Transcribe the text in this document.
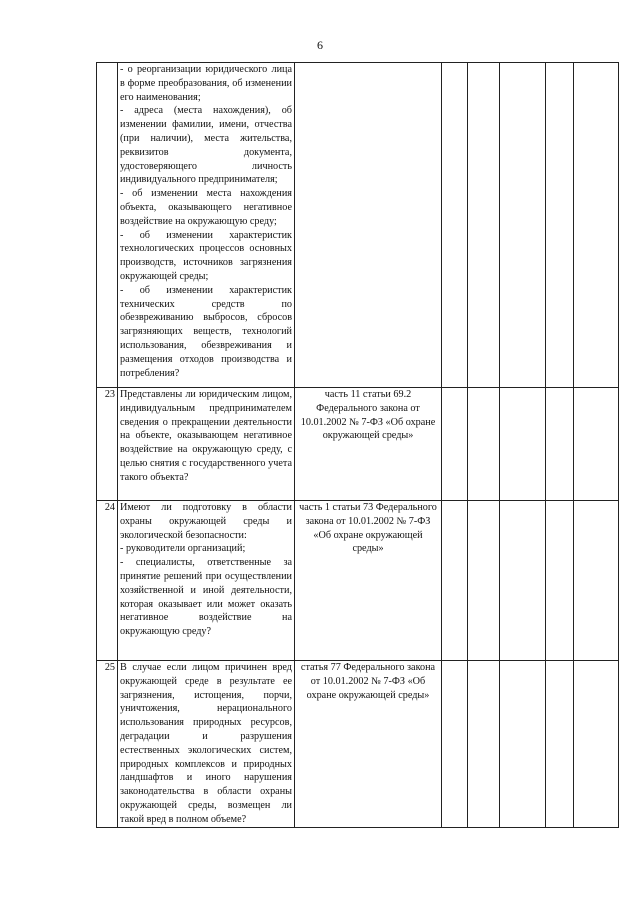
6

	- о реорганизации юридического лица в форме преобразования, об изменении его наименования;
- адреса (места нахождения), об изменении фамилии, имени, отчества (при наличии), места жительства, реквизитов документа, удостоверяющего личность индивидуального предпринимателя;
- об изменении места нахождения объекта, оказывающего негативное воздействие на окружающую среду;
- об изменении характеристик технологических процессов основных производств, источников загрязнения окружающей среды;
- об изменении характеристик технических средств по обезвреживанию выбросов, сбросов загрязняющих веществ, технологий использования, обезвреживания и размещения отходов производства и потребления?						

23	Представлены ли юридическим лицом, индивидуальным предпринимателем сведения о прекращении деятельности на объекте, оказывающем негативное воздействие на окружающую среду, с целью снятия с государственного учета такого объекта?	часть 11 статьи 69.2 Федерального закона от 10.01.2002 № 7-ФЗ «Об охране окружающей среды»					
24	Имеют ли подготовку в области охраны окружающей среды и экологической безопасности:
- руководители организаций;
- специалисты, ответственные за принятие решений при осуществлении хозяйственной и иной деятельности, которая оказывает или может оказать негативное воздействие на окружающую среду?	часть 1 статьи 73 Федерального закона от 10.01.2002 № 7-ФЗ «Об охране окружающей среды»					
25	В случае если лицом причинен вред окружающей среде в результате ее загрязнения, истощения, порчи, уничтожения, нерационального использования природных ресурсов, деградации и разрушения естественных экологических систем, природных комплексов и природных ландшафтов и иного нарушения законодательства в области охраны окружающей среды, возмещен ли такой вред в полном объеме?	статья 77 Федерального закона от 10.01.2002 № 7-ФЗ «Об охране окружающей среды»					
